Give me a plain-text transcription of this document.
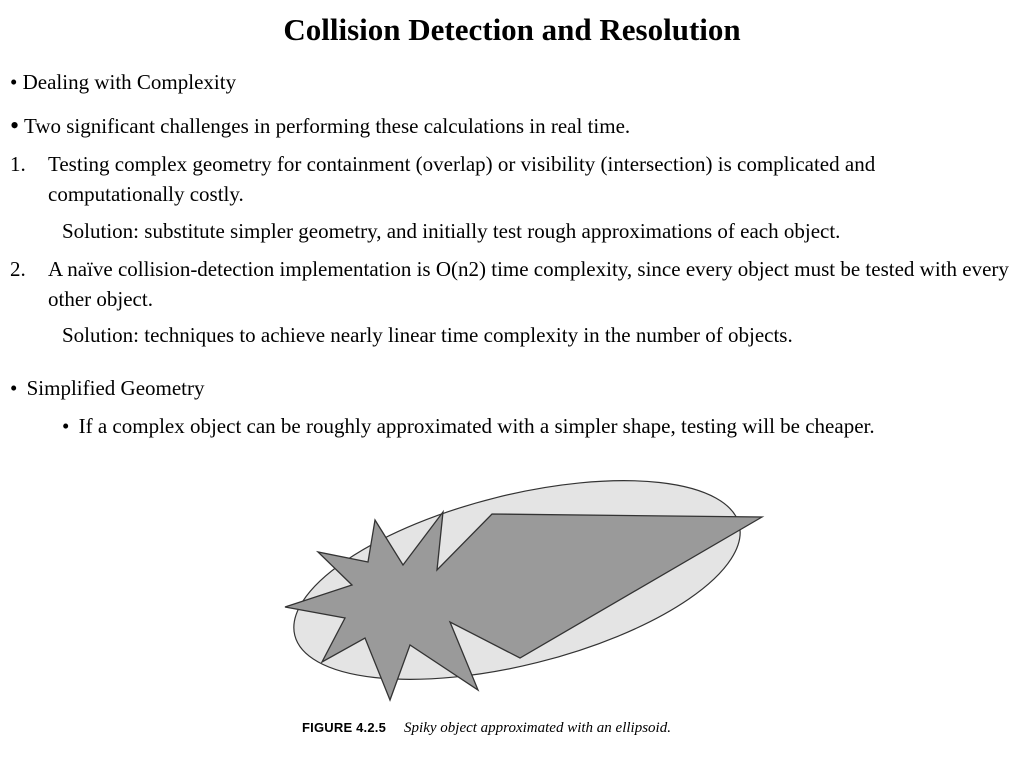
Collision Detection and Resolution
• Dealing with Complexity
• Two significant challenges in performing these calculations in real time.
1.	Testing complex geometry for containment (overlap) or visibility (intersection) is complicated and computationally costly.
Solution: substitute simpler geometry, and initially test rough approximations of each object.
2.	A naïve collision-detection implementation is O(n2) time complexity, since every object must be tested with every other object.
Solution: techniques to achieve nearly linear time complexity in the number of objects.
• Simplified Geometry
• If a complex object can be roughly approximated with a simpler shape, testing will be cheaper.
FIGURE 4.2.5 Spiky object approximated with an ellipsoid.
